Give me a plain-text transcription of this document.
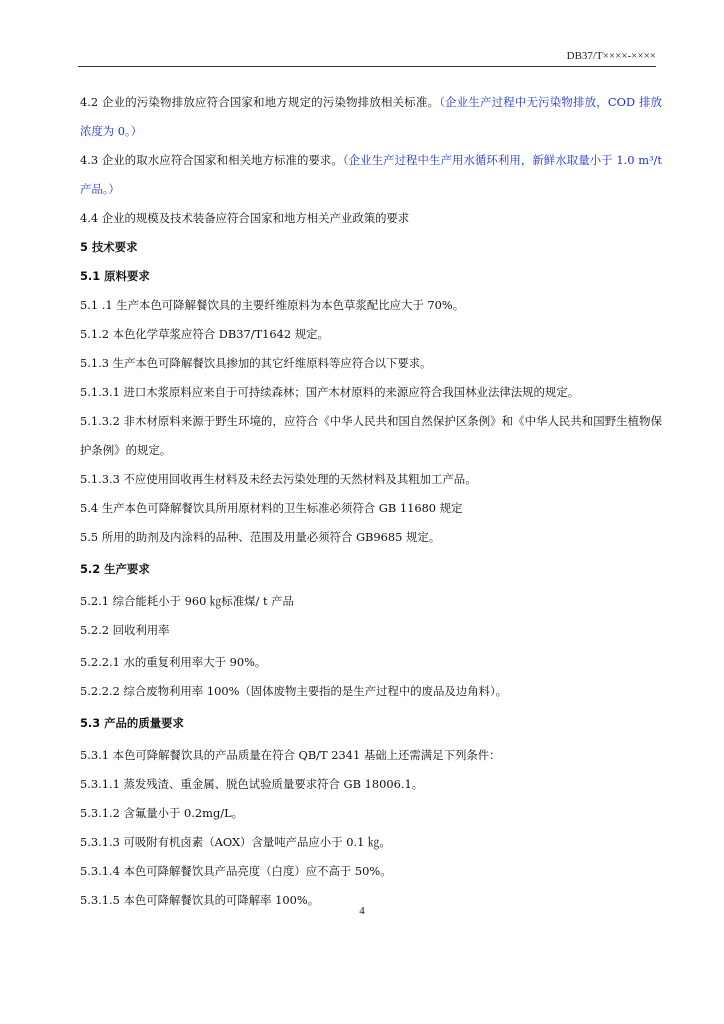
DB37/T××××-××××

4.2 企业的污染物排放应符合国家和地方规定的污染物排放相关标准。（企业生产过程中无污染物排放，COD 排放浓度为 0。）

4.3 企业的取水应符合国家和相关地方标准的要求。（企业生产过程中生产用水循环利用，新鲜水取量小于 1.0 m³/t 产品。）

4.4 企业的规模及技术装备应符合国家和地方相关产业政策的要求

5 技术要求

5.1 原料要求

5.1 .1 生产本色可降解餐饮具的主要纤维原料为本色草浆配比应大于 70%。

5.1.2 本色化学草浆应符合 DB37/T1642 规定。

5.1.3 生产本色可降解餐饮具掺加的其它纤维原料等应符合以下要求。

5.1.3.1 进口木浆原料应来自于可持续森林；国产木材原料的来源应符合我国林业法律法规的规定。

5.1.3.2 非木材原料来源于野生环境的，应符合《中华人民共和国自然保护区条例》和《中华人民共和国野生植物保护条例》的规定。

5.1.3.3 不应使用回收再生材料及未经去污染处理的天然材料及其粗加工产品。

5.4 生产本色可降解餐饮具所用原材料的卫生标准必须符合 GB 11680 规定

5.5 所用的助剂及内涂料的品种、范围及用量必须符合 GB9685 规定。

5.2 生产要求

5.2.1 综合能耗小于 960 ㎏标准煤/ t 产品

5.2.2 回收利用率

5.2.2.1 水的重复利用率大于 90%。

5.2.2.2 综合废物利用率 100%（固体废物主要指的是生产过程中的废品及边角料）。

5.3 产品的质量要求

5.3.1 本色可降解餐饮具的产品质量在符合 QB/T 2341 基础上还需满足下列条件：

5.3.1.1 蒸发残渣、重金属、脱色试验质量要求符合 GB 18006.1。

5.3.1.2 含氟量小于 0.2mg/L。

5.3.1.3 可吸附有机卤素（AOX）含量吨产品应小于 0.1 ㎏。

5.3.1.4 本色可降解餐饮具产品亮度（白度）应不高于 50%。

5.3.1.5 本色可降解餐饮具的可降解率 100%。

4
